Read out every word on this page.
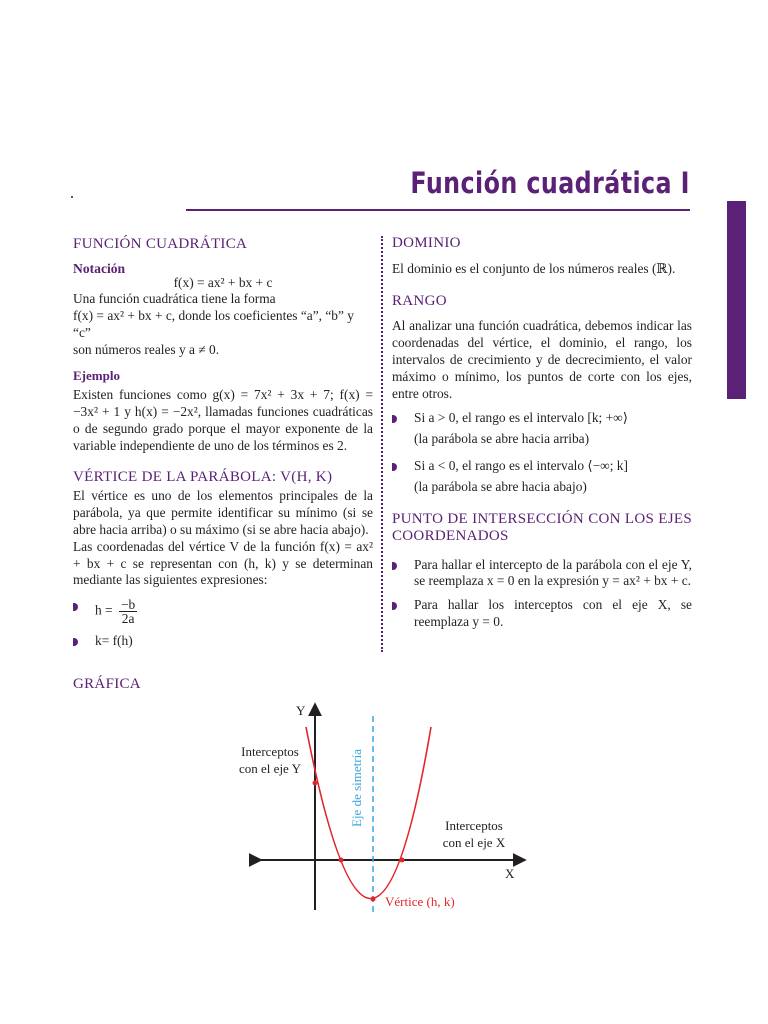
Función cuadrática I
FUNCIÓN CUADRÁTICA
Notación

f(x) = ax² + bx + c

Una función cuadrática tiene la forma

f(x) = ax² + bx + c, donde los coeficientes “a”, “b” y “c”

son números reales y a ≠ 0.

Ejemplo

Existen funciones como g(x) = 7x² + 3x + 7; f(x) = −3x² + 1 y h(x) = −2x², llamadas funciones cuadráticas o de segundo grado porque el mayor exponente de la variable independiente de uno de los términos es 2.

VÉRTICE DE LA PARÁBOLA: V(H, K)

El vértice es uno de los elementos principales de la parábola, ya que permite identificar su mínimo (si se abre hacia arriba) o su máximo (si se abre hacia abajo).

Las coordenadas del vértice V de la función f(x) = ax² + bx + c se representan con (h, k) y se determinan mediante las siguientes expresiones:

$h = \frac{-b}{2a}$
k= f(h)
DOMINIO

El dominio es el conjunto de los números reales (ℝ).

RANGO

Al analizar una función cuadrática, debemos indicar las coordenadas del vértice, el dominio, el rango, los intervalos de crecimiento y de decrecimiento, el valor máximo o mínimo, los puntos de corte con los ejes, entre otros.

Si a > 0, el rango es el intervalo [k; +∞⟩

(la parábola se abre hacia arriba)

Si a < 0, el rango es el intervalo ⟨−∞; k]

(la parábola se abre hacia abajo)

PUNTO DE INTERSECCIÓN CON LOS EJES COORDENADOS

Para hallar el intercepto de la parábola con el eje Y, se reemplaza x = 0 en la expresión y = ax² + bx + c.

Para hallar los interceptos con el eje X, se reemplaza y = 0.

GRÁFICA
Y
X
Interceptos
con el eje Y
Interceptos
con el eje X
Eje de simetría
Vértice (h, k)
